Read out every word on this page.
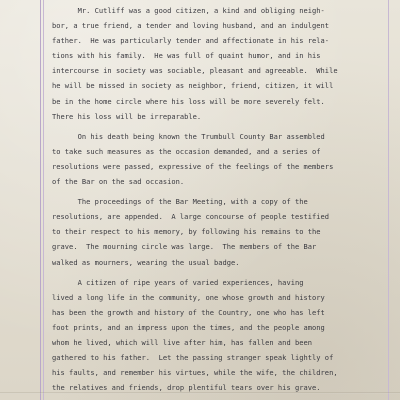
Mr. Cutliff was a good citizen, a kind and obliging neigh-
bor, a true friend, a tender and loving husband, and an indulgent
father.  He was particularly tender and affectionate in his rela-
tions with his family.  He was full of quaint humor, and in his
intercourse in society was sociable, pleasant and agreeable.  While
he will be missed in society as neighbor, friend, citizen, it will
be in the home circle where his loss will be more severely felt.
There his loss will be irreparable.
On his death being known the Trumbull County Bar assembled
to take such measures as the occasion demanded, and a series of
resolutions were passed, expressive of the feelings of the members
of the Bar on the sad occasion.
The proceedings of the Bar Meeting, with a copy of the
resolutions, are appended.  A large concourse of people testified
to their respect to his memory, by following his remains to the
grave.  The mourning circle was large.  The members of the Bar
walked as mourners, wearing the usual badge.
A citizen of ripe years of varied experiences, having
lived a long life in the community, one whose growth and history
has been the growth and history of the Country, one who has left
foot prints, and an impress upon the times, and the people among
whom he lived, which will live after him, has fallen and been
gathered to his father.  Let the passing stranger speak lightly of
his faults, and remember his virtues, while the wife, the children,
the relatives and friends, drop plentiful tears over his grave.
